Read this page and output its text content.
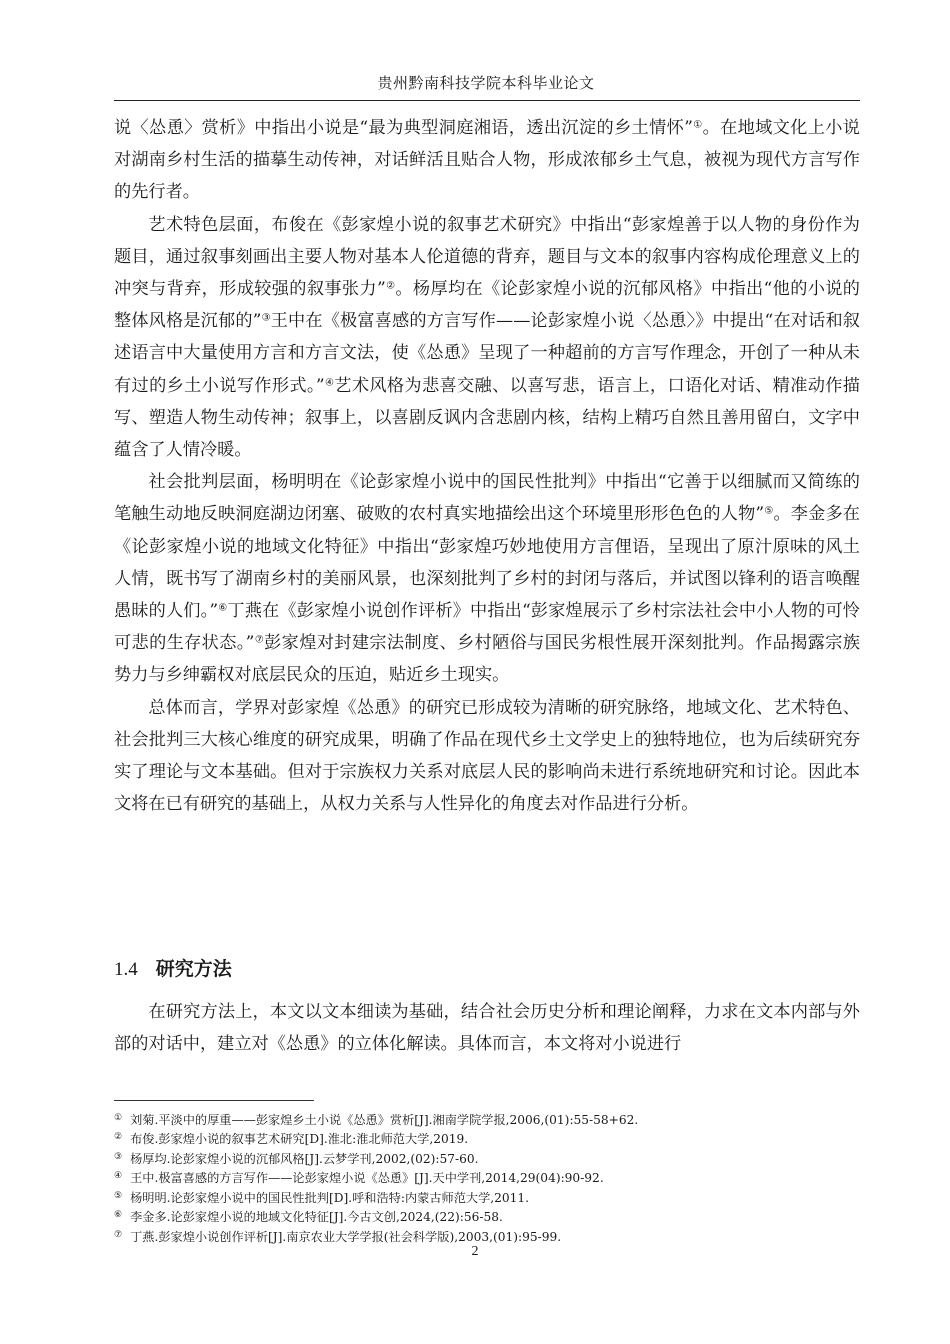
贵州黔南科技学院本科毕业论文

说〈怂恿〉赏析》中指出小说是“最为典型洞庭湘语，透出沉淀的乡土情怀”①。在地域文化上小说对湖南乡村生活的描摹生动传神，对话鲜活且贴合人物，形成浓郁乡土气息，被视为现代方言写作的先行者。

艺术特色层面，布俊在《彭家煌小说的叙事艺术研究》中指出“彭家煌善于以人物的身份作为题目，通过叙事刻画出主要人物对基本人伦道德的背弃，题目与文本的叙事内容构成伦理意义上的冲突与背弃，形成较强的叙事张力”②。杨厚均在《论彭家煌小说的沉郁风格》中指出“他的小说的整体风格是沉郁的”③王中在《极富喜感的方言写作——论彭家煌小说〈怂恿〉》中提出“在对话和叙述语言中大量使用方言和方言文法，使《怂恿》呈现了一种超前的方言写作理念，开创了一种从未有过的乡土小说写作形式。”④艺术风格为悲喜交融、以喜写悲，语言上，口语化对话、精准动作描写、塑造人物生动传神；叙事上，以喜剧反讽内含悲剧内核，结构上精巧自然且善用留白，文字中蕴含了人情冷暖。

社会批判层面，杨明明在《论彭家煌小说中的国民性批判》中指出“它善于以细腻而又简练的笔触生动地反映洞庭湖边闭塞、破败的农村真实地描绘出这个环境里形形色色的人物”⑤。李金多在《论彭家煌小说的地域文化特征》中指出“彭家煌巧妙地使用方言俚语，呈现出了原汁原味的风土人情，既书写了湖南乡村的美丽风景，也深刻批判了乡村的封闭与落后，并试图以锋利的语言唤醒愚昧的人们。”⑥丁燕在《彭家煌小说创作评析》中指出“彭家煌展示了乡村宗法社会中小人物的可怜可悲的生存状态。”⑦彭家煌对封建宗法制度、乡村陋俗与国民劣根性展开深刻批判。作品揭露宗族势力与乡绅霸权对底层民众的压迫，贴近乡土现实。

总体而言，学界对彭家煌《怂恿》的研究已形成较为清晰的研究脉络，地域文化、艺术特色、社会批判三大核心维度的研究成果，明确了作品在现代乡土文学史上的独特地位，也为后续研究夯实了理论与文本基础。但对于宗族权力关系对底层人民的影响尚未进行系统地研究和讨论。因此本文将在已有研究的基础上，从权力关系与人性异化的角度去对作品进行分析。

1.4 研究方法

在研究方法上，本文以文本细读为基础，结合社会历史分析和理论阐释，力求在文本内部与外部的对话中，建立对《怂恿》的立体化解读。具体而言，本文将对小说进行

① 刘菊.平淡中的厚重——彭家煌乡土小说《怂恿》赏析[J].湘南学院学报,2006,(01):55-58+62.
② 布俊.彭家煌小说的叙事艺术研究[D].淮北:淮北师范大学,2019.
③ 杨厚均.论彭家煌小说的沉郁风格[J].云梦学刊,2002,(02):57-60.
④ 王中.极富喜感的方言写作——论彭家煌小说《怂恿》[J].天中学刊,2014,29(04):90-92.
⑤ 杨明明.论彭家煌小说中的国民性批判[D].呼和浩特:内蒙古师范大学,2011.
⑥ 李金多.论彭家煌小说的地域文化特征[J].今古文创,2024,(22):56-58.
⑦ 丁燕.彭家煌小说创作评析[J].南京农业大学学报(社会科学版),2003,(01):95-99.
2
